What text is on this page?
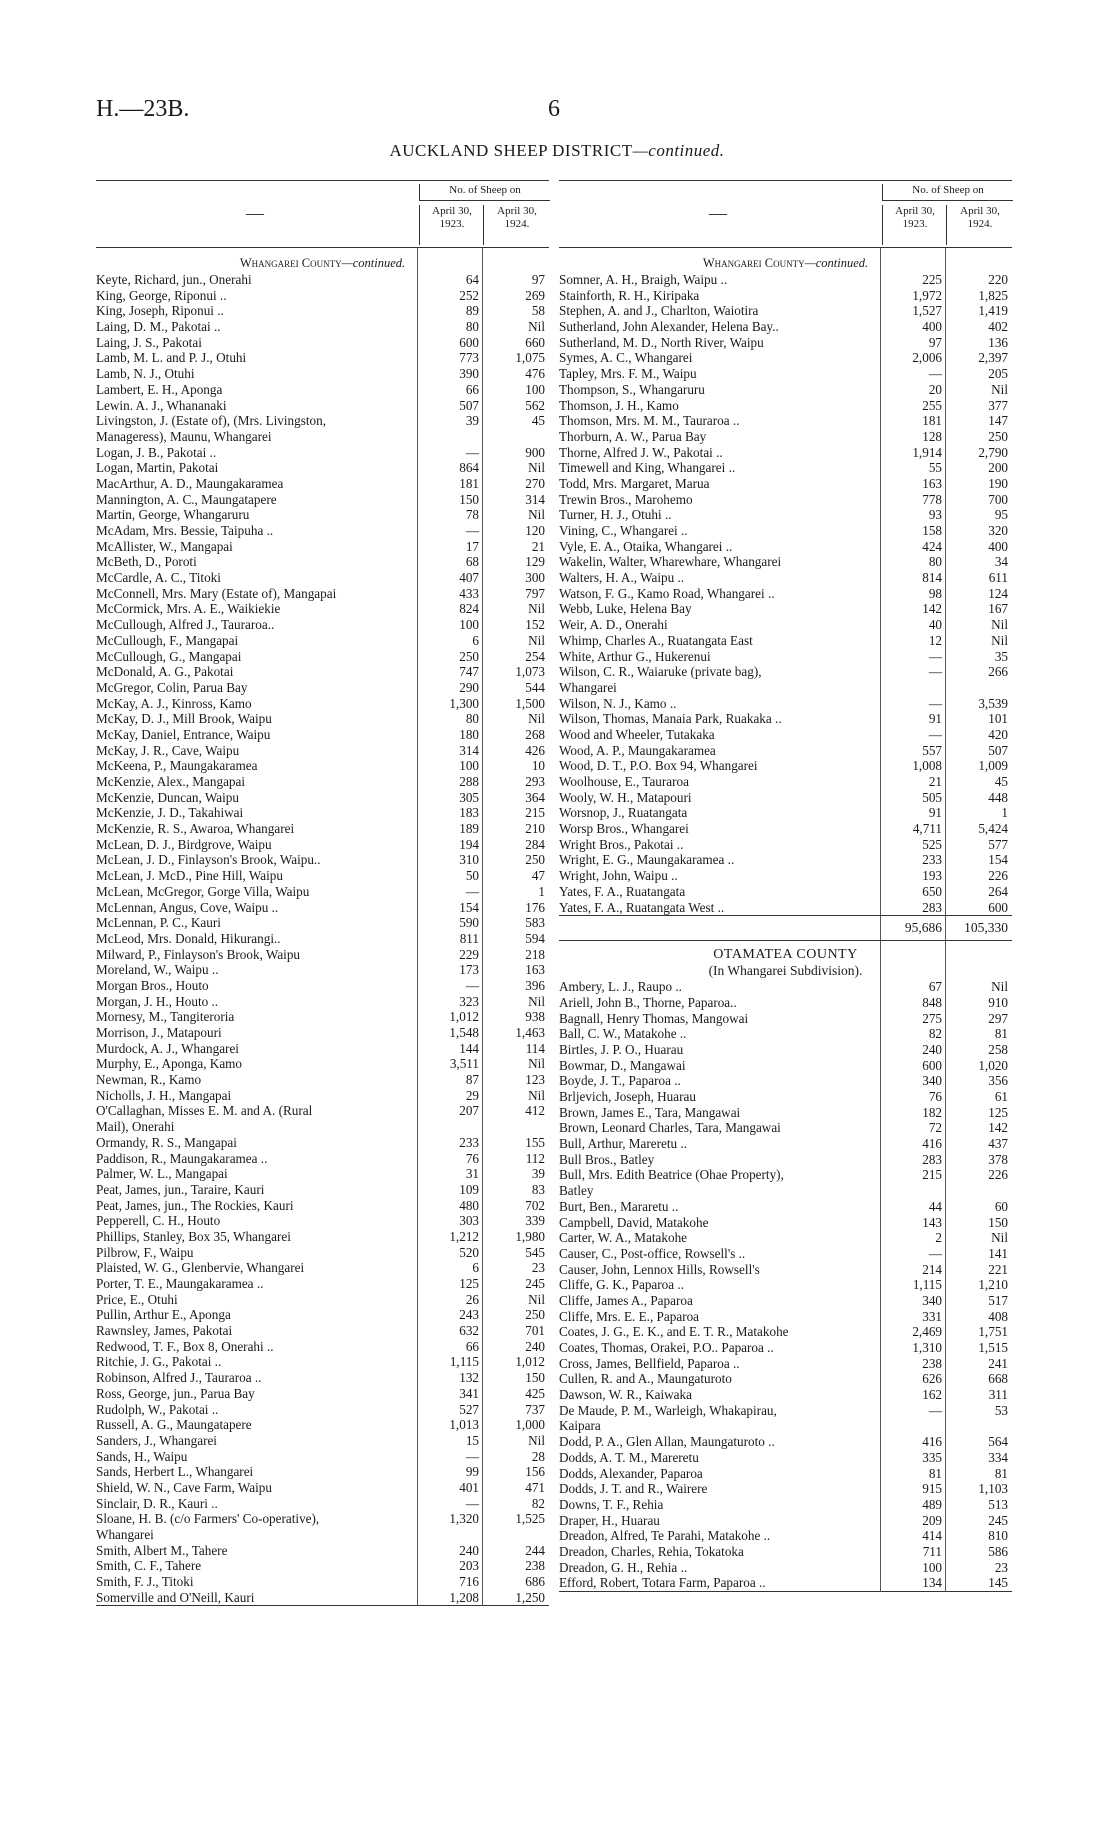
H.—23B.	6
AUCKLAND SHEEP DISTRICT—continued.
—
No. of Sheep on
April 30,
1923.
April 30,
1924.
Whangarei County—continued.
Keyte, Richard, jun., Onerahi	64	97
King, George, Riponui ..	252	269
King, Joseph, Riponui ..	89	58
Laing, D. M., Pakotai ..	80	Nil
Laing, J. S., Pakotai	600	660
Lamb, M. L. and P. J., Otuhi	773	1,075
Lamb, N. J., Otuhi	390	476
Lambert, E. H., Aponga	66	100
Lewin. A. J., Whananaki	507	562
Livingston, J. (Estate of), (Mrs. Livingston,	39	45
Manageress), Maunu, Whangarei
Logan, J. B., Pakotai ..	—	900
Logan, Martin, Pakotai	864	Nil
MacArthur, A. D., Maungakaramea	181	270
Mannington, A. C., Maungatapere	150	314
Martin, George, Whangaruru	78	Nil
McAdam, Mrs. Bessie, Taipuha ..	—	120
McAllister, W., Mangapai	17	21
McBeth, D., Poroti	68	129
McCardle, A. C., Titoki	407	300
McConnell, Mrs. Mary (Estate of), Mangapai	433	797
McCormick, Mrs. A. E., Waikiekie	824	Nil
McCullough, Alfred J., Tauraroa..	100	152
McCullough, F., Mangapai	6	Nil
McCullough, G., Mangapai	250	254
McDonald, A. G., Pakotai	747	1,073
McGregor, Colin, Parua Bay	290	544
McKay, A. J., Kinross, Kamo	1,300	1,500
McKay, D. J., Mill Brook, Waipu	80	Nil
McKay, Daniel, Entrance, Waipu	180	268
McKay, J. R., Cave, Waipu	314	426
McKeena, P., Maungakaramea	100	10
McKenzie, Alex., Mangapai	288	293
McKenzie, Duncan, Waipu	305	364
McKenzie, J. D., Takahiwai	183	215
McKenzie, R. S., Awaroa, Whangarei	189	210
McLean, D. J., Birdgrove, Waipu	194	284
McLean, J. D., Finlayson's Brook, Waipu..	310	250
McLean, J. McD., Pine Hill, Waipu	50	47
McLean, McGregor, Gorge Villa, Waipu	—	1
McLennan, Angus, Cove, Waipu ..	154	176
McLennan, P. C., Kauri	590	583
McLeod, Mrs. Donald, Hikurangi..	811	594
Milward, P., Finlayson's Brook, Waipu	229	218
Moreland, W., Waipu ..	173	163
Morgan Bros., Houto	—	396
Morgan, J. H., Houto ..	323	Nil
Mornesy, M., Tangiteroria	1,012	938
Morrison, J., Matapouri	1,548	1,463
Murdock, A. J., Whangarei	144	114
Murphy, E., Aponga, Kamo	3,511	Nil
Newman, R., Kamo	87	123
Nicholls, J. H., Mangapai	29	Nil
O'Callaghan, Misses E. M. and A. (Rural	207	412
Mail), Onerahi
Ormandy, R. S., Mangapai	233	155
Paddison, R., Maungakaramea ..	76	112
Palmer, W. L., Mangapai	31	39
Peat, James, jun., Taraire, Kauri	109	83
Peat, James, jun., The Rockies, Kauri	480	702
Pepperell, C. H., Houto	303	339
Phillips, Stanley, Box 35, Whangarei	1,212	1,980
Pilbrow, F., Waipu	520	545
Plaisted, W. G., Glenbervie, Whangarei	6	23
Porter, T. E., Maungakaramea ..	125	245
Price, E., Otuhi	26	Nil
Pullin, Arthur E., Aponga	243	250
Rawnsley, James, Pakotai	632	701
Redwood, T. F., Box 8, Onerahi ..	66	240
Ritchie, J. G., Pakotai ..	1,115	1,012
Robinson, Alfred J., Tauraroa ..	132	150
Ross, George, jun., Parua Bay	341	425
Rudolph, W., Pakotai ..	527	737
Russell, A. G., Maungatapere	1,013	1,000
Sanders, J., Whangarei	15	Nil
Sands, H., Waipu	—	28
Sands, Herbert L., Whangarei	99	156
Shield, W. N., Cave Farm, Waipu	401	471
Sinclair, D. R., Kauri ..	—	82
Sloane, H. B. (c/o Farmers' Co-operative),	1,320	1,525
Whangarei
Smith, Albert M., Tahere	240	244
Smith, C. F., Tahere	203	238
Smith, F. J., Titoki	716	686
Somerville and O'Neill, Kauri	1,208	1,250
—
No. of Sheep on
April 30,
1923.
April 30,
1924.
Whangarei County—continued.
Somner, A. H., Braigh, Waipu ..	225	220
Stainforth, R. H., Kiripaka	1,972	1,825
Stephen, A. and J., Charlton, Waiotira	1,527	1,419
Sutherland, John Alexander, Helena Bay..	400	402
Sutherland, M. D., North River, Waipu	97	136
Symes, A. C., Whangarei	2,006	2,397
Tapley, Mrs. F. M., Waipu	—	205
Thompson, S., Whangaruru	20	Nil
Thomson, J. H., Kamo	255	377
Thomson, Mrs. M. M., Tauraroa ..	181	147
Thorburn, A. W., Parua Bay	128	250
Thorne, Alfred J. W., Pakotai ..	1,914	2,790
Timewell and King, Whangarei ..	55	200
Todd, Mrs. Margaret, Marua	163	190
Trewin Bros., Marohemo	778	700
Turner, H. J., Otuhi ..	93	95
Vining, C., Whangarei ..	158	320
Vyle, E. A., Otaika, Whangarei ..	424	400
Wakelin, Walter, Wharewhare, Whangarei	80	34
Walters, H. A., Waipu ..	814	611
Watson, F. G., Kamo Road, Whangarei ..	98	124
Webb, Luke, Helena Bay	142	167
Weir, A. D., Onerahi	40	Nil
Whimp, Charles A., Ruatangata East	12	Nil
White, Arthur G., Hukerenui	—	35
Wilson, C. R., Waiaruke (private bag),	—	266
Whangarei
Wilson, N. J., Kamo ..	—	3,539
Wilson, Thomas, Manaia Park, Ruakaka ..	91	101
Wood and Wheeler, Tutakaka	—	420
Wood, A. P., Maungakaramea	557	507
Wood, D. T., P.O. Box 94, Whangarei	1,008	1,009
Woolhouse, E., Tauraroa	21	45
Wooly, W. H., Matapouri	505	448
Worsnop, J., Ruatangata	91	1
Worsp Bros., Whangarei	4,711	5,424
Wright Bros., Pakotai ..	525	577
Wright, E. G., Maungakaramea ..	233	154
Wright, John, Waipu ..	193	226
Yates, F. A., Ruatangata	650	264
Yates, F. A., Ruatangata West ..	283	600
95,686	105,330
OTAMATEA COUNTY
(In Whangarei Subdivision).
Ambery, L. J., Raupo ..	67	Nil
Ariell, John B., Thorne, Paparoa..	848	910
Bagnall, Henry Thomas, Mangowai	275	297
Ball, C. W., Matakohe ..	82	81
Birtles, J. P. O., Huarau	240	258
Bowmar, D., Mangawai	600	1,020
Boyde, J. T., Paparoa ..	340	356
Brljevich, Joseph, Huarau	76	61
Brown, James E., Tara, Mangawai	182	125
Brown, Leonard Charles, Tara, Mangawai	72	142
Bull, Arthur, Mareretu ..	416	437
Bull Bros., Batley	283	378
Bull, Mrs. Edith Beatrice (Ohae Property),	215	226
Batley
Burt, Ben., Mararetu ..	44	60
Campbell, David, Matakohe	143	150
Carter, W. A., Matakohe	2	Nil
Causer, C., Post-office, Rowsell's ..	—	141
Causer, John, Lennox Hills, Rowsell's	214	221
Cliffe, G. K., Paparoa ..	1,115	1,210
Cliffe, James A., Paparoa	340	517
Cliffe, Mrs. E. E., Paparoa	331	408
Coates, J. G., E. K., and E. T. R., Matakohe	2,469	1,751
Coates, Thomas, Orakei, P.O.. Paparoa ..	1,310	1,515
Cross, James, Bellfield, Paparoa ..	238	241
Cullen, R. and A., Maungaturoto	626	668
Dawson, W. R., Kaiwaka	162	311
De Maude, P. M., Warleigh, Whakapirau,	—	53
Kaipara
Dodd, P. A., Glen Allan, Maungaturoto ..	416	564
Dodds, A. T. M., Mareretu	335	334
Dodds, Alexander, Paparoa	81	81
Dodds, J. T. and R., Wairere	915	1,103
Downs, T. F., Rehia	489	513
Draper, H., Huarau	209	245
Dreadon, Alfred, Te Parahi, Matakohe ..	414	810
Dreadon, Charles, Rehia, Tokatoka	711	586
Dreadon, G. H., Rehia ..	100	23
Efford, Robert, Totara Farm, Paparoa ..	134	145
